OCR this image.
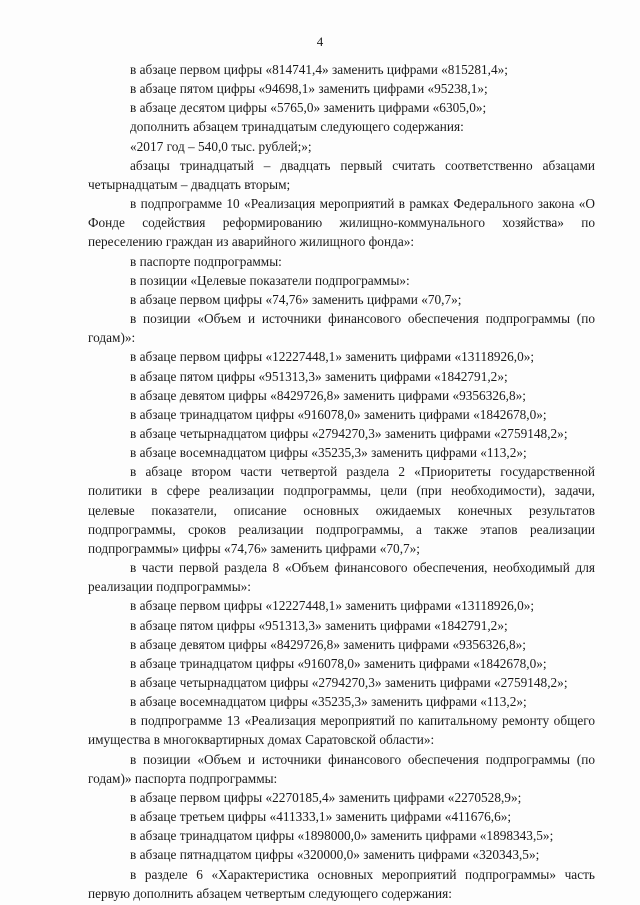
4

в абзаце первом цифры «814741,4» заменить цифрами «815281,4»;

в абзаце пятом цифры «94698,1» заменить цифрами «95238,1»;

в абзаце десятом цифры «5765,0» заменить цифрами «6305,0»;

дополнить абзацем тринадцатым следующего содержания:

«2017 год – 540,0 тыс. рублей;»;

абзацы тринадцатый – двадцать первый считать соответственно абзацами четырнадцатым – двадцать вторым;

в подпрограмме 10 «Реализация мероприятий в рамках Федерального закона «О Фонде содействия реформированию жилищно-коммунального хозяйства» по переселению граждан из аварийного жилищного фонда»:

в паспорте подпрограммы:

в позиции «Целевые показатели подпрограммы»:

в абзаце первом цифры «74,76» заменить цифрами «70,7»;

в позиции «Объем и источники финансового обеспечения подпрограммы (по годам)»:

в абзаце первом цифры «12227448,1» заменить цифрами «13118926,0»;

в абзаце пятом цифры «951313,3» заменить цифрами «1842791,2»;

в абзаце девятом цифры «8429726,8» заменить цифрами «9356326,8»;

в абзаце тринадцатом цифры «916078,0» заменить цифрами «1842678,0»;

в абзаце четырнадцатом цифры «2794270,3» заменить цифрами «2759148,2»;

в абзаце восемнадцатом цифры «35235,3» заменить цифрами «113,2»;

в абзаце втором части четвертой раздела 2 «Приоритеты государственной политики в сфере реализации подпрограммы, цели (при необходимости), задачи, целевые показатели, описание основных ожидаемых конечных результатов подпрограммы, сроков реализации подпрограммы, а также этапов реализации подпрограммы» цифры «74,76» заменить цифрами «70,7»;

в части первой раздела 8 «Объем финансового обеспечения, необходимый для реализации подпрограммы»:

в абзаце первом цифры «12227448,1» заменить цифрами «13118926,0»;

в абзаце пятом цифры «951313,3» заменить цифрами «1842791,2»;

в абзаце девятом цифры «8429726,8» заменить цифрами «9356326,8»;

в абзаце тринадцатом цифры «916078,0» заменить цифрами «1842678,0»;

в абзаце четырнадцатом цифры «2794270,3» заменить цифрами «2759148,2»;

в абзаце восемнадцатом цифры «35235,3» заменить цифрами «113,2»;

в подпрограмме 13 «Реализация мероприятий по капитальному ремонту общего имущества в многоквартирных домах Саратовской области»:

в позиции «Объем и источники финансового обеспечения подпрограммы (по годам)» паспорта подпрограммы:

в абзаце первом цифры «2270185,4» заменить цифрами «2270528,9»;

в абзаце третьем цифры «411333,1» заменить цифрами «411676,6»;

в абзаце тринадцатом цифры «1898000,0» заменить цифрами «1898343,5»;

в абзаце пятнадцатом цифры «320000,0» заменить цифрами «320343,5»;

в разделе 6 «Характеристика основных мероприятий подпрограммы» часть первую дополнить абзацем четвертым следующего содержания:
